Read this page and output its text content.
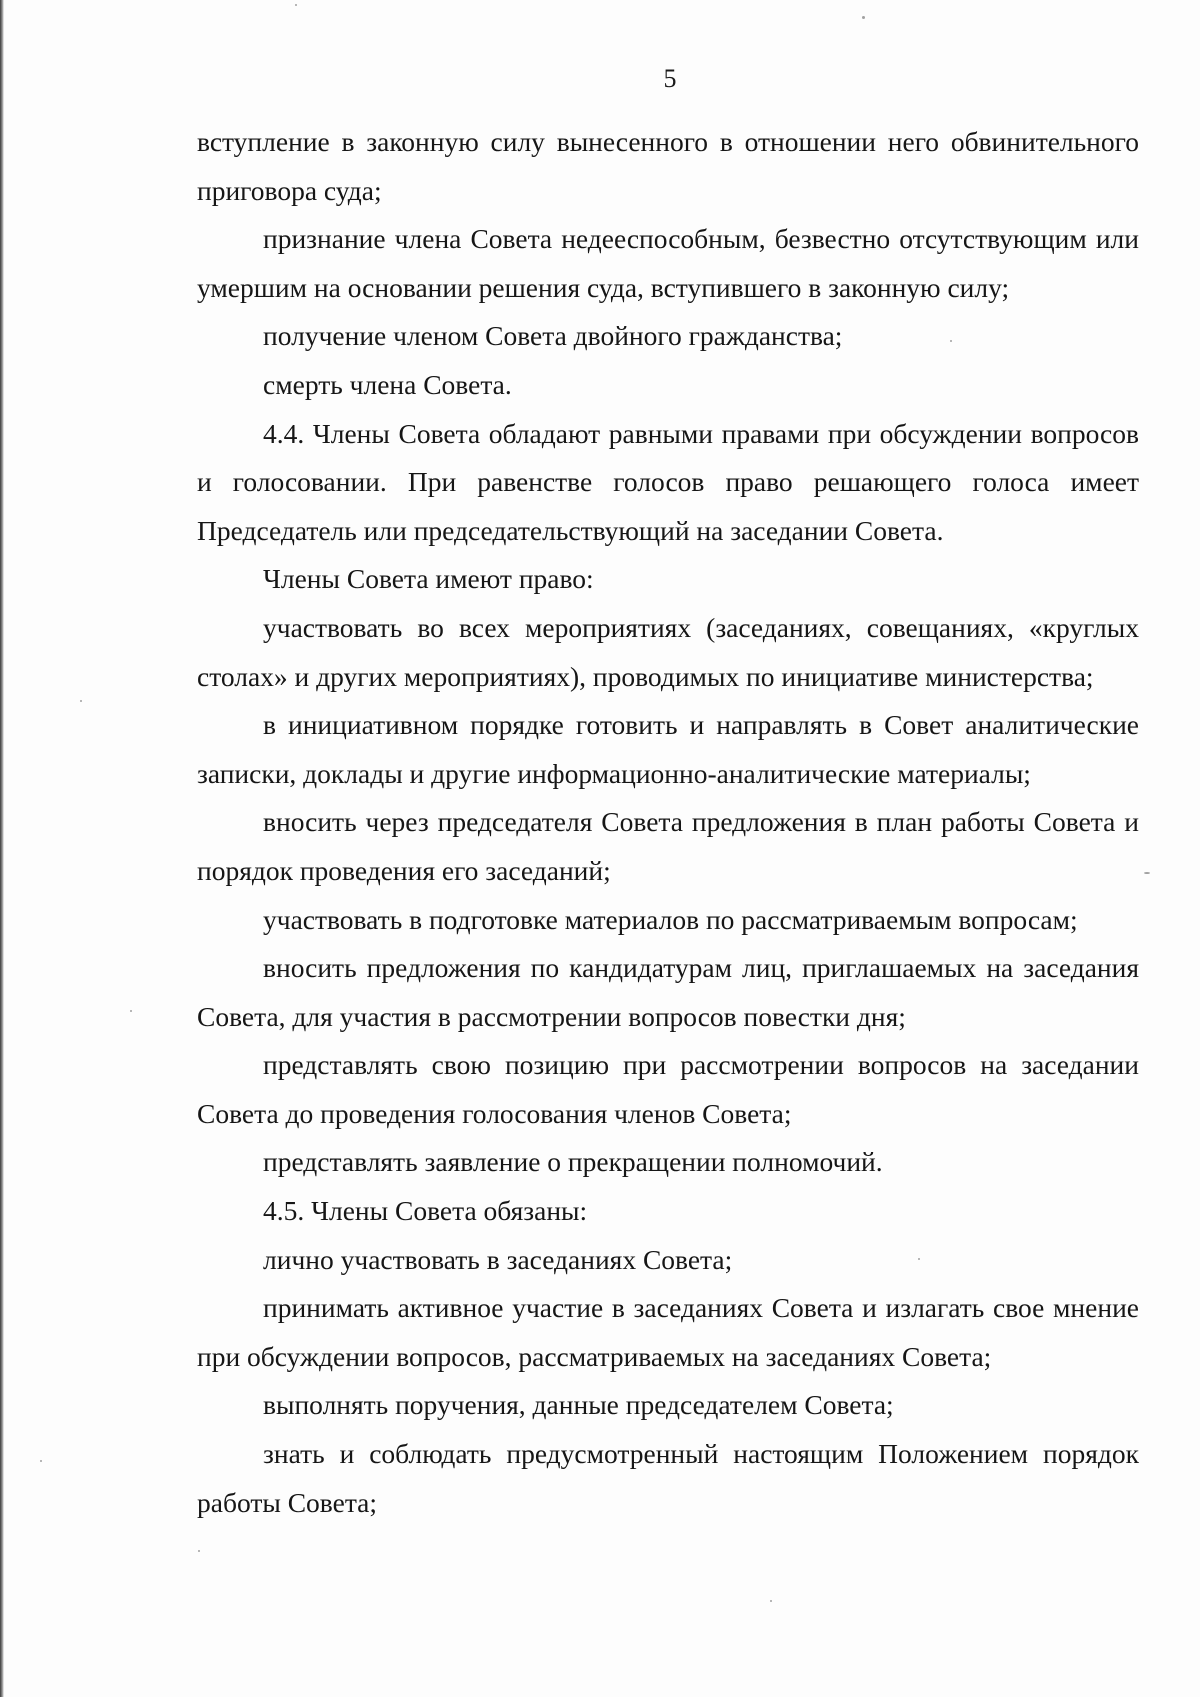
5

вступление в законную силу вынесенного в отношении него обвинительного приговора суда;

признание члена Совета недееспособным, безвестно отсутствующим или умершим на основании решения суда, вступившего в законную силу;

получение членом Совета двойного гражданства;

смерть члена Совета.

4.4. Члены Совета обладают равными правами при обсуждении вопросов и голосовании. При равенстве голосов право решающего голоса имеет Председатель или председательствующий на заседании Совета.

Члены Совета имеют право:

участвовать во всех мероприятиях (заседаниях, совещаниях, «круглых столах» и других мероприятиях), проводимых по инициативе министерства;

в инициативном порядке готовить и направлять в Совет аналитические записки, доклады и другие информационно-аналитические материалы;

вносить через председателя Совета предложения в план работы Совета и порядок проведения его заседаний;

участвовать в подготовке материалов по рассматриваемым вопросам;

вносить предложения по кандидатурам лиц, приглашаемых на заседания Совета, для участия в рассмотрении вопросов повестки дня;

представлять свою позицию при рассмотрении вопросов на заседании Совета до проведения голосования членов Совета;

представлять заявление о прекращении полномочий.

4.5. Члены Совета обязаны:

лично участвовать в заседаниях Совета;

принимать активное участие в заседаниях Совета и излагать свое мнение при обсуждении вопросов, рассматриваемых на заседаниях Совета;

выполнять поручения, данные председателем Совета;

знать и соблюдать предусмотренный настоящим Положением порядок работы Совета;
